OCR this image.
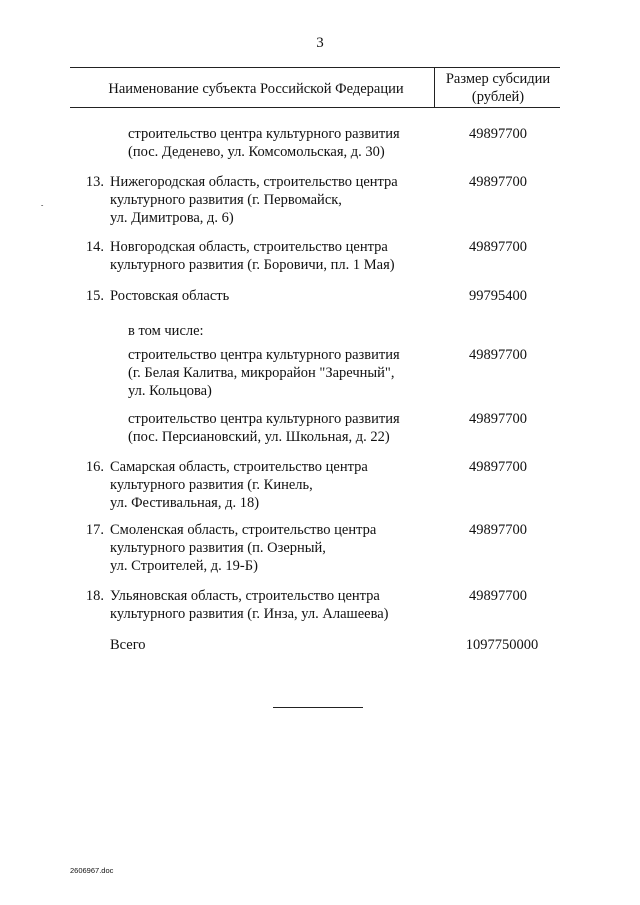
3
Наименование субъекта Российской Федерации
Размер субсидии
(рублей)
строительство центра культурного развития
(пос. Деденево, ул. Комсомольская, д. 30)
49897700
13. Нижегородская область, строительство центра
культурного развития (г. Первомайск,
ул. Димитрова, д. 6)
49897700
14. Новгородская область, строительство центра
культурного развития (г. Боровичи, пл. 1 Мая)
49897700
15. Ростовская область	99795400
в том числе:
строительство центра культурного развития
(г. Белая Калитва, микрорайон "Заречный",
ул. Кольцова)
49897700
строительство центра культурного развития
(пос. Персиановский, ул. Школьная, д. 22)
49897700
16. Самарская область, строительство центра
культурного развития (г. Кинель,
ул. Фестивальная, д. 18)
49897700
17. Смоленская область, строительство центра
культурного развития (п. Озерный,
ул. Строителей, д. 19-Б)
49897700
18. Ульяновская область, строительство центра
культурного развития (г. Инза, ул. Алашеева)
49897700
Всего	1097750000
-
2606967.doc
